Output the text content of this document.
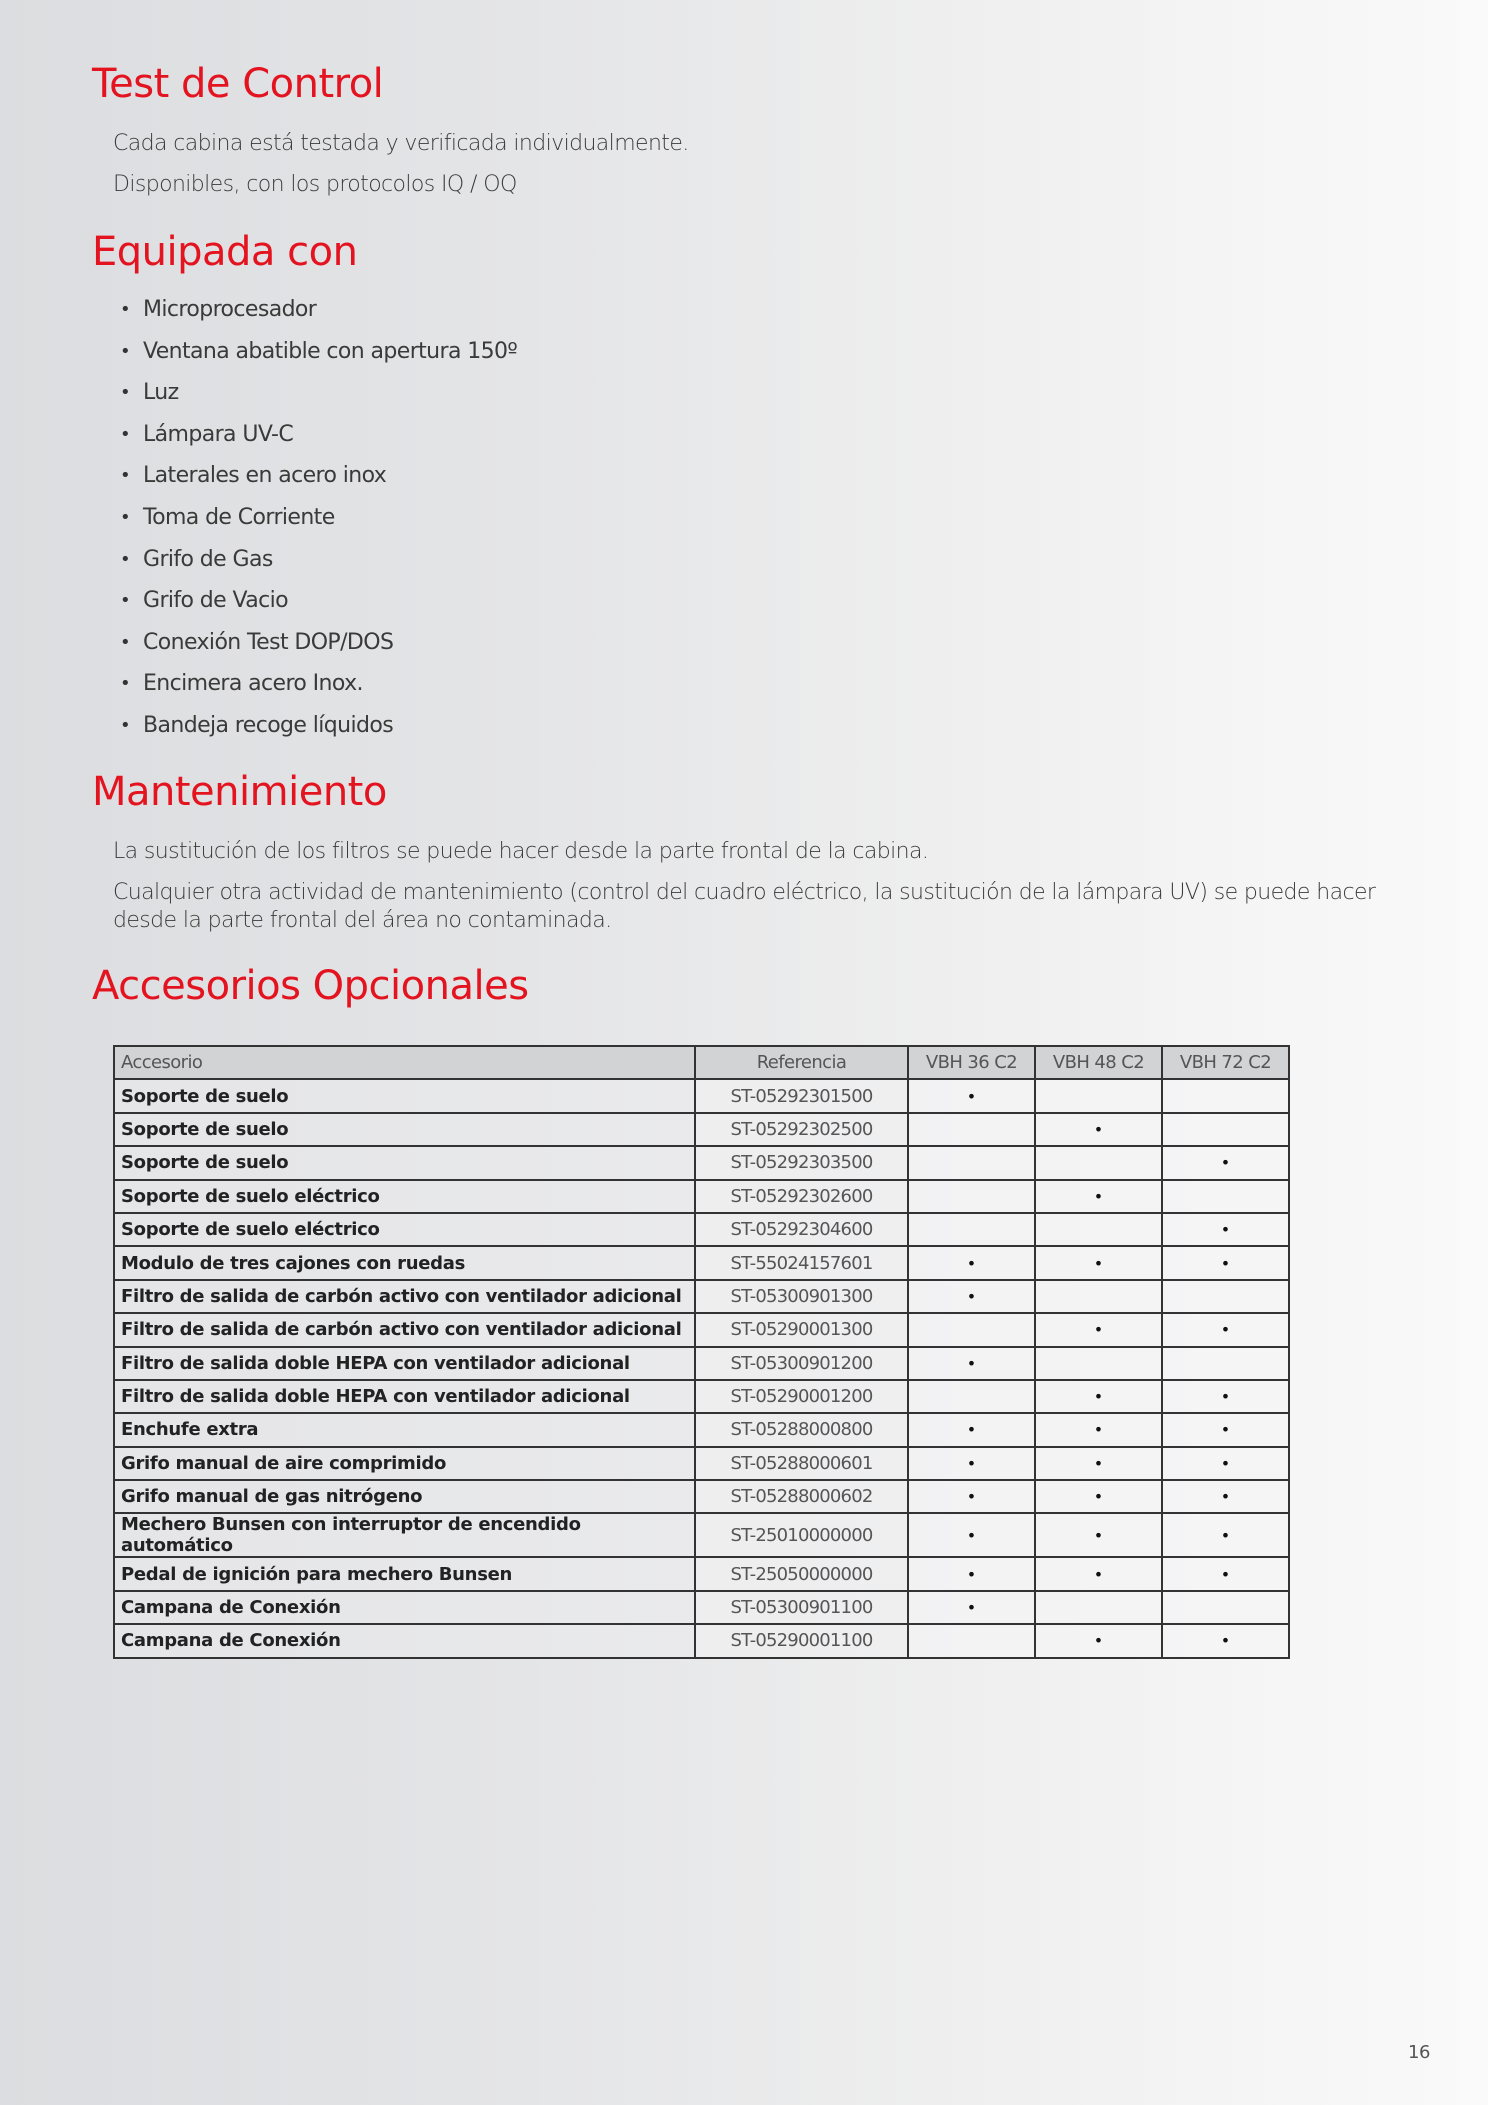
Test de Control

Cada cabina está testada y verificada individualmente.

Disponibles, con los protocolos IQ / OQ

Equipada con
• Microprocesador
• Ventana abatible con apertura 150º
• Luz
• Lámpara UV-C
• Laterales en acero inox
• Toma de Corriente
• Grifo de Gas
• Grifo de Vacio
• Conexión Test DOP/DOS
• Encimera acero Inox.
• Bandeja recoge líquidos
Mantenimiento

La sustitución de los filtros se puede hacer desde la parte frontal de la cabina.

Cualquier otra actividad de mantenimiento (control del cuadro eléctrico, la sustitución de la lámpara UV) se puede hacer desde la parte frontal del área no contaminada.

Accesorios Opcionales
Accesorio	Referencia	VBH 36 C2	VBH 48 C2	VBH 72 C2
Soporte de suelo	ST-05292301500	•		
Soporte de suelo	ST-05292302500		•	
Soporte de suelo	ST-05292303500			•
Soporte de suelo eléctrico	ST-05292302600		•	
Soporte de suelo eléctrico	ST-05292304600			•
Modulo de tres cajones con ruedas	ST-55024157601	•	•	•
Filtro de salida de carbón activo con ventilador adicional	ST-05300901300	•		
Filtro de salida de carbón activo con ventilador adicional	ST-05290001300		•	•
Filtro de salida doble HEPA con ventilador adicional	ST-05300901200	•		
Filtro de salida doble HEPA con ventilador adicional	ST-05290001200		•	•
Enchufe extra	ST-05288000800	•	•	•
Grifo manual de aire comprimido	ST-05288000601	•	•	•
Grifo manual de gas nitrógeno	ST-05288000602	•	•	•
Mechero Bunsen con interruptor de encendido automático	ST-25010000000	•	•	•
Pedal de ignición para mechero Bunsen	ST-25050000000	•	•	•
Campana de Conexión	ST-05300901100	•		
Campana de Conexión	ST-05290001100		•	•
16
